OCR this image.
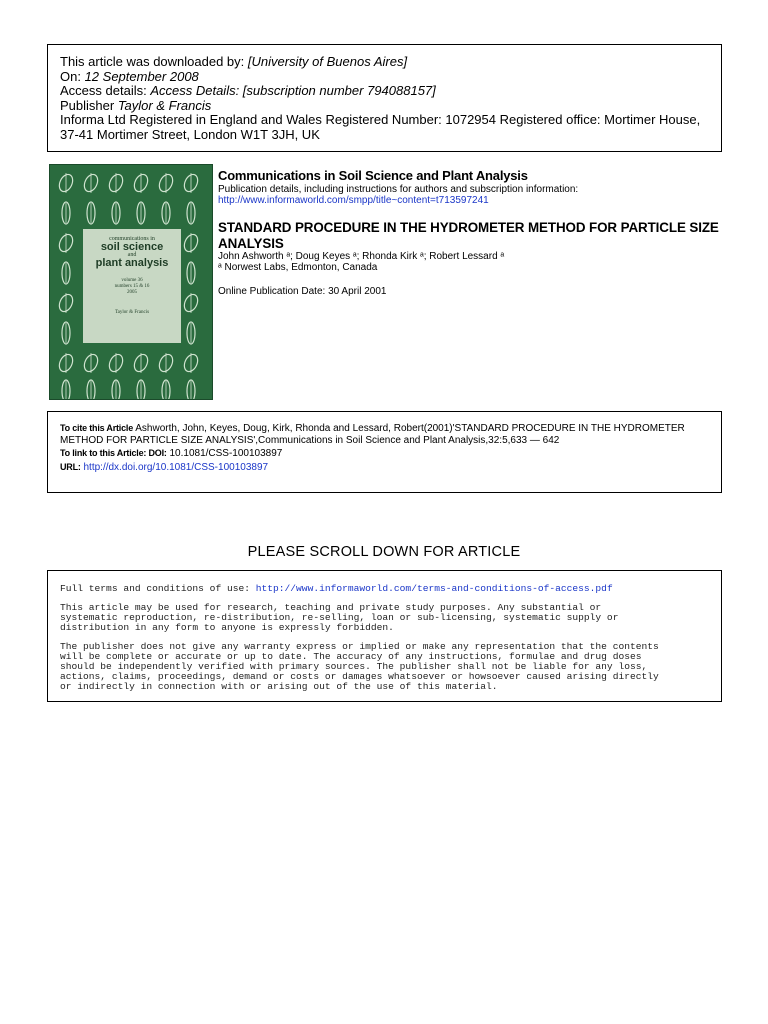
This article was downloaded by: [University of Buenos Aires]
On: 12 September 2008
Access details: Access Details: [subscription number 794088157]
Publisher Taylor & Francis
Informa Ltd Registered in England and Wales Registered Number: 1072954 Registered office: Mortimer House,
37-41 Mortimer Street, London W1T 3JH, UK
communications in
soil science
and
plant analysis
volume 36
numbers 15 & 16
2005
Taylor & Francis
Communications in Soil Science and Plant Analysis
Publication details, including instructions for authors and subscription information:
http://www.informaworld.com/smpp/title~content=t713597241
STANDARD PROCEDURE IN THE HYDROMETER METHOD FOR PARTICLE SIZE ANALYSIS
John Ashworth ᵃ; Doug Keyes ᵃ; Rhonda Kirk ᵃ; Robert Lessard ᵃ
ᵃ Norwest Labs, Edmonton, Canada
Online Publication Date: 30 April 2001
To cite this Article Ashworth, John, Keyes, Doug, Kirk, Rhonda and Lessard, Robert(2001)'STANDARD PROCEDURE IN THE HYDROMETER METHOD FOR PARTICLE SIZE ANALYSIS',Communications in Soil Science and Plant Analysis,32:5,633 — 642
To link to this Article: DOI: 10.1081/CSS-100103897
URL: http://dx.doi.org/10.1081/CSS-100103897
PLEASE SCROLL DOWN FOR ARTICLE

Full terms and conditions of use: http://www.informaworld.com/terms-and-conditions-of-access.pdf

This article may be used for research, teaching and private study purposes. Any substantial or
systematic reproduction, re-distribution, re-selling, loan or sub-licensing, systematic supply or
distribution in any form to anyone is expressly forbidden.

The publisher does not give any warranty express or implied or make any representation that the contents
will be complete or accurate or up to date. The accuracy of any instructions, formulae and drug doses
should be independently verified with primary sources. The publisher shall not be liable for any loss,
actions, claims, proceedings, demand or costs or damages whatsoever or howsoever caused arising directly
or indirectly in connection with or arising out of the use of this material.
